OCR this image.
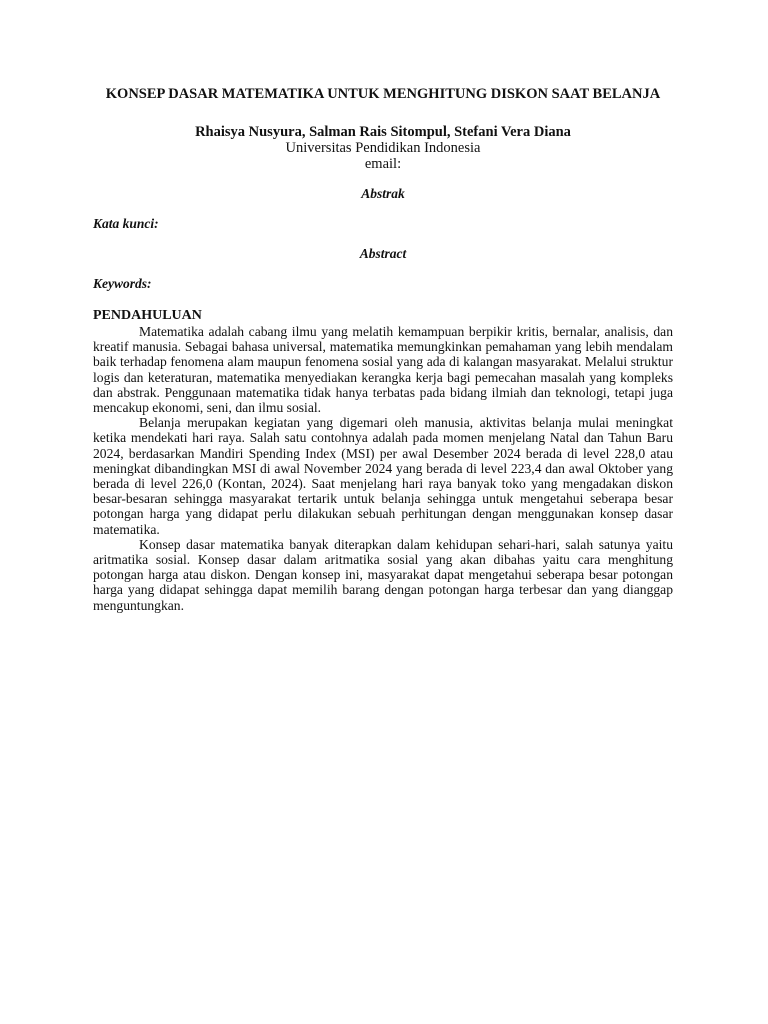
KONSEP DASAR MATEMATIKA UNTUK MENGHITUNG DISKON SAAT BELANJA
Rhaisya Nusyura, Salman Rais Sitompul, Stefani Vera Diana
Universitas Pendidikan Indonesia
email:
Abstrak
Kata kunci:
Abstract
Keywords:
PENDAHULUAN

Matematika adalah cabang ilmu yang melatih kemampuan berpikir kritis, bernalar, analisis, dan kreatif manusia. Sebagai bahasa universal, matematika memungkinkan pemahaman yang lebih mendalam baik terhadap fenomena alam maupun fenomena sosial yang ada di kalangan masyarakat. Melalui struktur logis dan keteraturan, matematika menyediakan kerangka kerja bagi pemecahan masalah yang kompleks dan abstrak. Penggunaan matematika tidak hanya terbatas pada bidang ilmiah dan teknologi, tetapi juga mencakup ekonomi, seni, dan ilmu sosial.

Belanja merupakan kegiatan yang digemari oleh manusia, aktivitas belanja mulai meningkat ketika mendekati hari raya. Salah satu contohnya adalah pada momen menjelang Natal dan Tahun Baru 2024, berdasarkan Mandiri Spending Index (MSI) per awal Desember 2024 berada di level 228,0 atau meningkat dibandingkan MSI di awal November 2024 yang berada di level 223,4 dan awal Oktober yang berada di level 226,0 (Kontan, 2024). Saat menjelang hari raya banyak toko yang mengadakan diskon besar-besaran sehingga masyarakat tertarik untuk belanja sehingga untuk mengetahui seberapa besar potongan harga yang didapat perlu dilakukan sebuah perhitungan dengan menggunakan konsep dasar matematika.

Konsep dasar matematika banyak diterapkan dalam kehidupan sehari-hari, salah satunya yaitu aritmatika sosial. Konsep dasar dalam aritmatika sosial yang akan dibahas yaitu cara menghitung potongan harga atau diskon. Dengan konsep ini, masyarakat dapat mengetahui seberapa besar potongan harga yang didapat sehingga dapat memilih barang dengan potongan harga terbesar dan yang dianggap menguntungkan.
